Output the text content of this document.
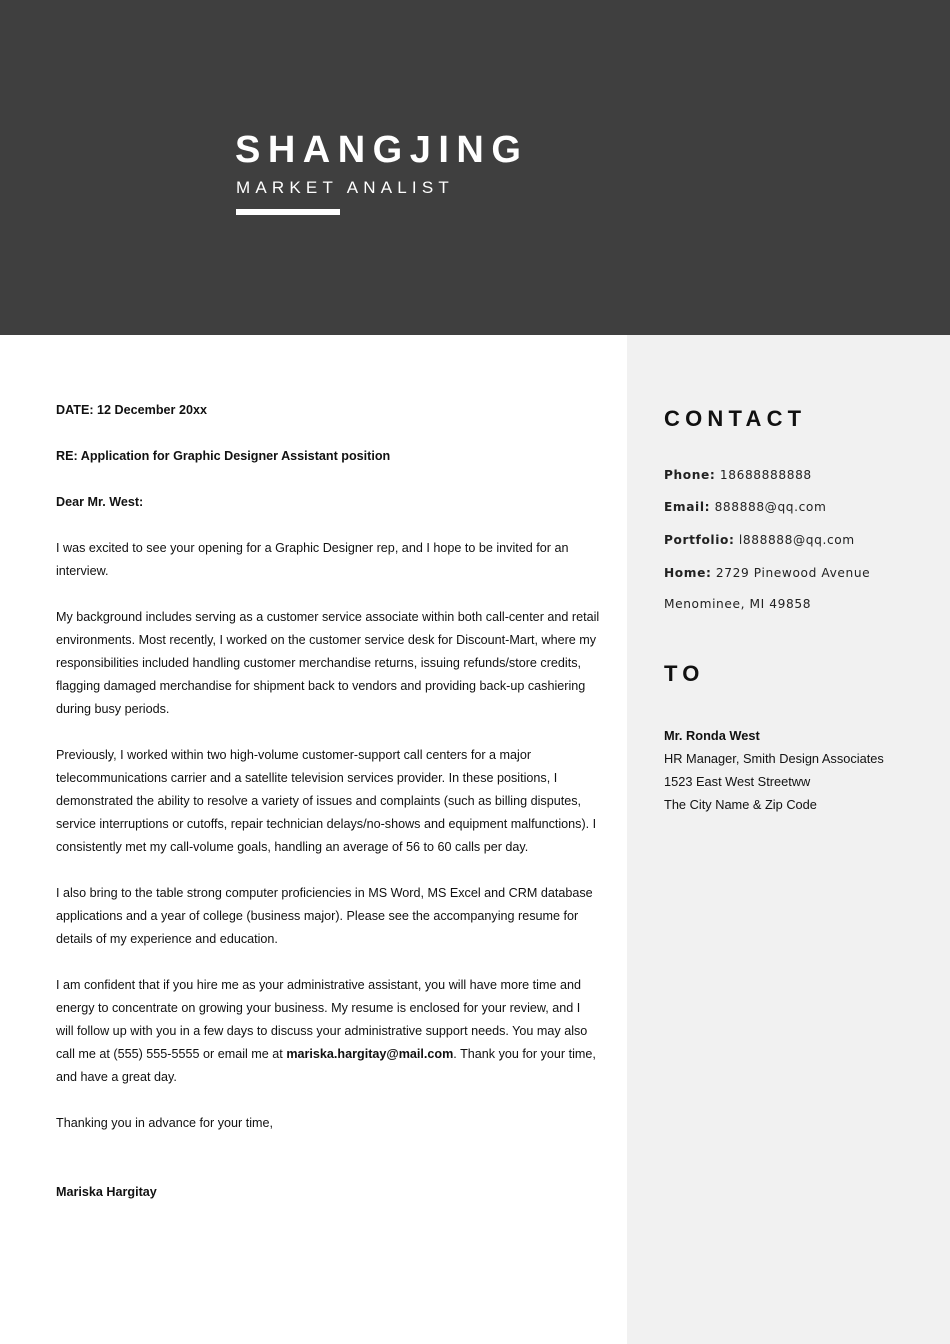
SHANGJING
MARKET ANALIST

DATE: 12 December 20xx

RE: Application for Graphic Designer Assistant position

Dear Mr. West:

I was excited to see your opening for a Graphic Designer rep, and I hope to be invited for an interview.

My background includes serving as a customer service associate within both call-center and retail environments. Most recently, I worked on the customer service desk for Discount-Mart, where my responsibilities included handling customer merchandise returns, issuing refunds/store credits, flagging damaged merchandise for shipment back to vendors and providing back-up cashiering during busy periods.

Previously, I worked within two high-volume customer-support call centers for a major telecommunications carrier and a satellite television services provider. In these positions, I demonstrated the ability to resolve a variety of issues and complaints (such as billing disputes, service interruptions or cutoffs, repair technician delays/no-shows and equipment malfunctions). I consistently met my call-volume goals, handling an average of 56 to 60 calls per day.

I also bring to the table strong computer proficiencies in MS Word, MS Excel and CRM database applications and a year of college (business major). Please see the accompanying resume for details of my experience and education.

I am confident that if you hire me as your administrative assistant, you will have more time and energy to concentrate on growing your business. My resume is enclosed for your review, and I will follow up with you in a few days to discuss your administrative support needs. You may also call me at (555) 555-5555 or email me at mariska.hargitay@mail.com. Thank you for your time, and have a great day.

Thanking you in advance for your time,

Mariska Hargitay

CONTACT
Phone: 18688888888
Email: 888888@qq.com
Portfolio: l888888@qq.com
Home: 2729 Pinewood Avenue
Menominee, MI 49858
TO
Mr. Ronda West
HR Manager, Smith Design Associates
1523 East West Streetww
The City Name & Zip Code
